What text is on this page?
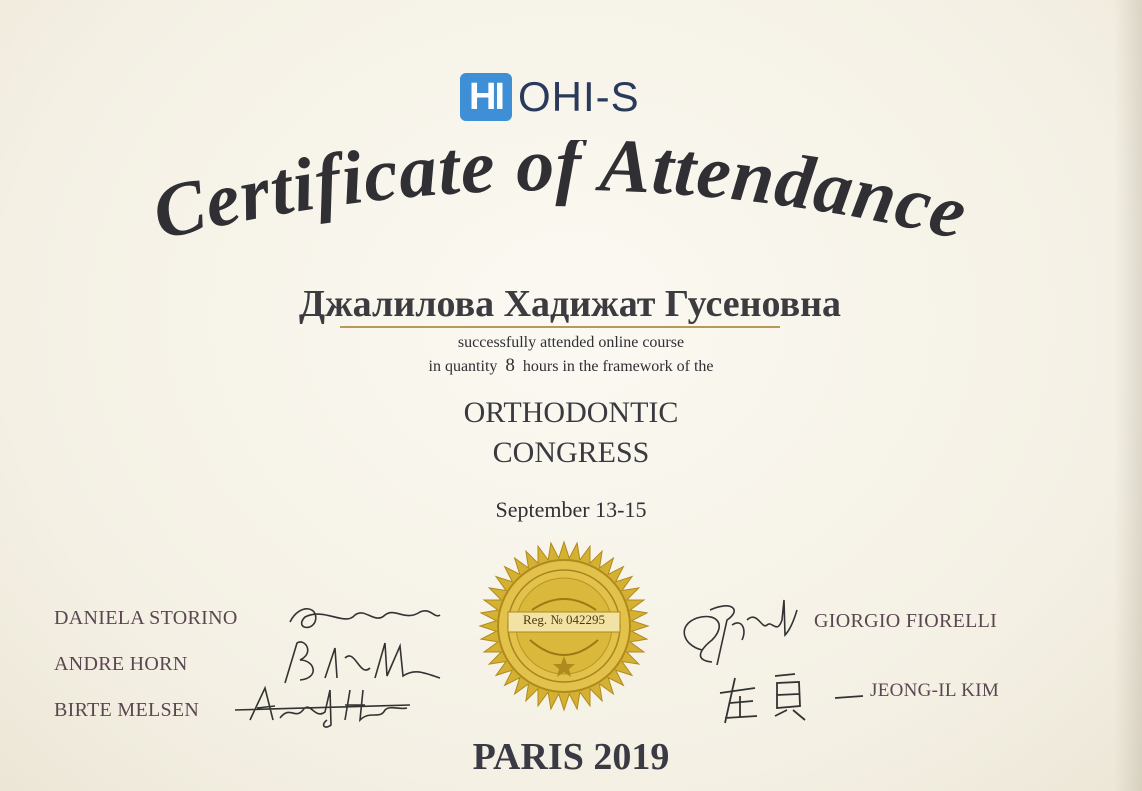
HI OHI-S
Certificate of Attendance
Джалилова Хадижат Гусеновна
successfully attended online course
in quantity 8 hours in the framework of the
ORTHODONTIC
CONGRESS
September 13-15
Reg. № 042295
DANIELA STORINO
ANDRE HORN
BIRTE MELSEN
GIORGIO FIORELLI
JEONG-IL KIM
PARIS 2019
